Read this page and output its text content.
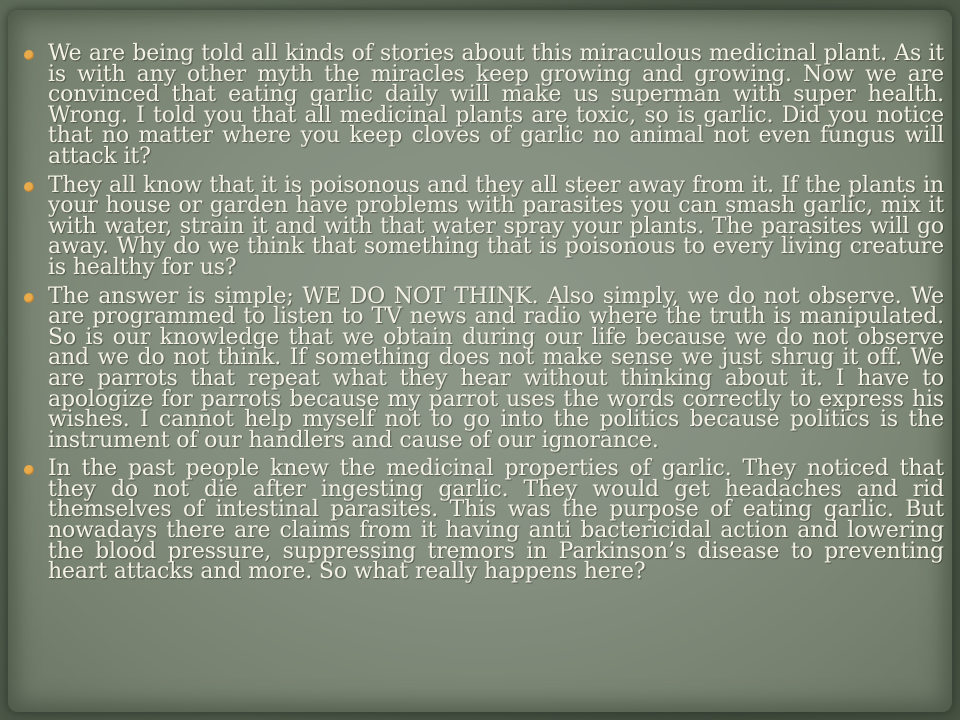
We are being told all kinds of stories about this miraculous medicinal plant. As it is with any other myth the miracles keep growing and growing. Now we are convinced that eating garlic daily will make us superman with super health. Wrong. I told you that all medicinal plants are toxic, so is garlic. Did you notice that no matter where you keep cloves of garlic no animal not even fungus will attack it?
They all know that it is poisonous and they all steer away from it. If the plants in your house or garden have problems with parasites you can smash garlic, mix it with water, strain it and with that water spray your plants. The parasites will go away. Why do we think that something that is poisonous to every living creature is healthy for us?
The answer is simple; WE DO NOT THINK. Also simply, we do not observe. We are programmed to listen to TV news and radio where the truth is manipulated. So is our knowledge that we obtain during our life because we do not observe and we do not think. If something does not make sense we just shrug it off. We are parrots that repeat what they hear without thinking about it. I have to apologize for parrots because my parrot uses the words correctly to express his wishes. I cannot help myself not to go into the politics because politics is the instrument of our handlers and cause of our ignorance.
In the past people knew the medicinal properties of garlic. They noticed that they do not die after ingesting garlic. They would get headaches and rid themselves of intestinal parasites. This was the purpose of eating garlic. But nowadays there are claims from it having anti bactericidal action and lowering the blood pressure, suppressing tremors in Parkinson’s disease to preventing heart attacks and more. So what really happens here?
